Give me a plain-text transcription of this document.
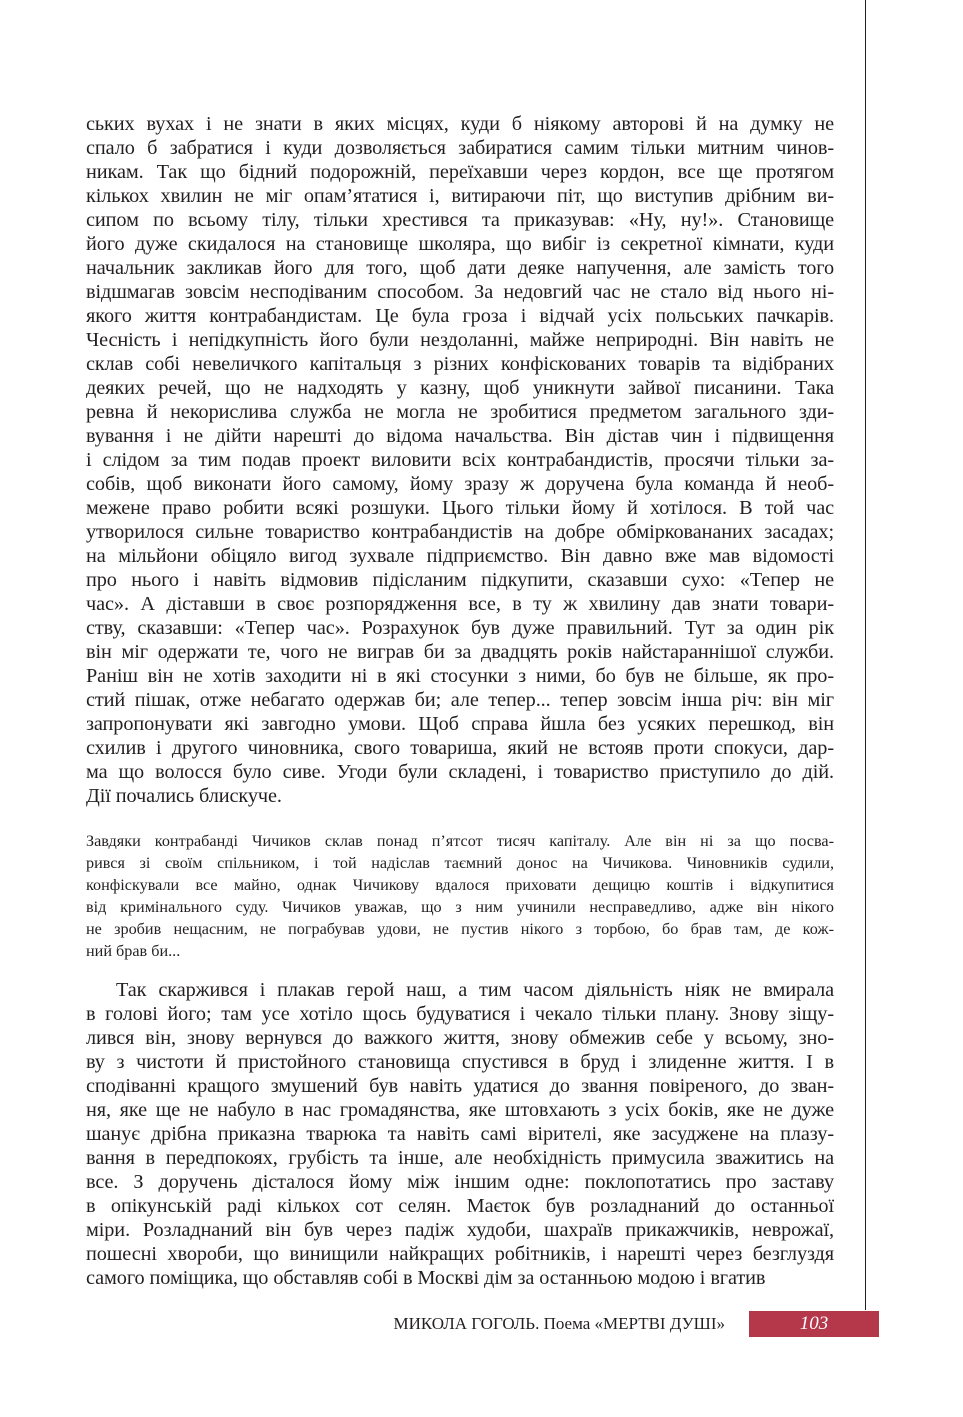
ських вухах і не знати в яких місцях, куди б ніякому авторові й на думку не
спало б забратися і куди дозволяється забиратися самим тільки митним чинов-
никам. Так що бідний подорожній, переїхавши через кордон, все ще протягом
кількох хвилин не міг опам’ятатися і, витираючи піт, що виступив дрібним ви-
сипом по всьому тілу, тільки хрестився та приказував: «Ну, ну!». Становище
його дуже скидалося на становище школяра, що вибіг із секретної кімнати, куди
начальник закликав його для того, щоб дати деяке напучення, але замість того
відшмагав зовсім несподіваним способом. За недовгий час не стало від нього ні-
якого життя контрабандистам. Це була гроза і відчай усіх польських пачкарів.
Чесність і непідкупність його були нездоланні, майже неприродні. Він навіть не
склав собі невеличкого капітальця з різних конфіскованих товарів та відібраних
деяких речей, що не надходять у казну, щоб уникнути зайвої писанини. Така
ревна й некорислива служба не могла не зробитися предметом загального зди-
вування і не дійти нарешті до відома начальства. Він дістав чин і підвищення
і слідом за тим подав проект виловити всіх контрабандистів, просячи тільки за-
собів, щоб виконати його самому, йому зразу ж доручена була команда й необ-
межене право робити всякі розшуки. Цього тільки йому й хотілося. В той час
утворилося сильне товариство контрабандистів на добре обмірковананих засадах;
на мільйони обіцяло вигод зухвале підприємство. Він давно вже мав відомості
про нього і навіть відмовив підісланим підкупити, сказавши сухо: «Тепер не
час». А діставши в своє розпорядження все, в ту ж хвилину дав знати товари-
ству, сказавши: «Тепер час». Розрахунок був дуже правильний. Тут за один рік
він міг одержати те, чого не виграв би за двадцять років найстараннішої служби.
Раніш він не хотів заходити ні в які стосунки з ними, бо був не більше, як про-
стий пішак, отже небагато одержав би; але тепер... тепер зовсім інша річ: він міг
запропонувати які завгодно умови. Щоб справа йшла без усяких перешкод, він
схилив і другого чиновника, свого товариша, який не встояв проти спокуси, дар-
ма що волосся було сиве. Угоди були складені, і товариство приступило до дій.
Дії почались блискуче.
Завдяки контрабанді Чичиков склав понад п’ятсот тисяч капіталу. Але він ні за що посва-
рився зі своїм спільником, і той надіслав таємний донос на Чичикова. Чиновників судили,
конфіскували все майно, однак Чичикову вдалося приховати дещицю коштів і відкупитися
від кримінального суду. Чичиков уважав, що з ним учинили несправедливо, адже він нікого
не зробив нещасним, не пограбував удови, не пустив нікого з торбою, бо брав там, де кож-
ний брав би...
Так скаржився і плакав герой наш, а тим часом діяльність ніяк не вмирала
в голові його; там усе хотіло щось будуватися і чекало тільки плану. Знову зіщу-
лився він, знову вернувся до важкого життя, знову обмежив себе у всьому, зно-
ву з чистоти й пристойного становища спустився в бруд і злиденне життя. І в
сподіванні кращого змушений був навіть удатися до звання повіреного, до зван-
ня, яке ще не набуло в нас громадянства, яке штовхають з усіх боків, яке не дуже
шанує дрібна приказна тварюка та навіть самі вірителі, яке засуджене на плазу-
вання в передпокоях, грубість та інше, але необхідність примусила зважитись на
все. З доручень дісталося йому між іншим одне: поклопотатись про заставу
в опікунській раді кількох сот селян. Маєток був розладнаний до останньої
міри. Розладнаний він був через падіж худоби, шахраїв прикажчиків, неврожаї,
пошесні хвороби, що винищили найкращих робітників, і нарешті через безглуздя
самого поміщика, що обставляв собі в Москві дім за останньою модою і вгатив
МИКОЛА ГОГОЛЬ. Поема «МЕРТВІ ДУШІ»	103
